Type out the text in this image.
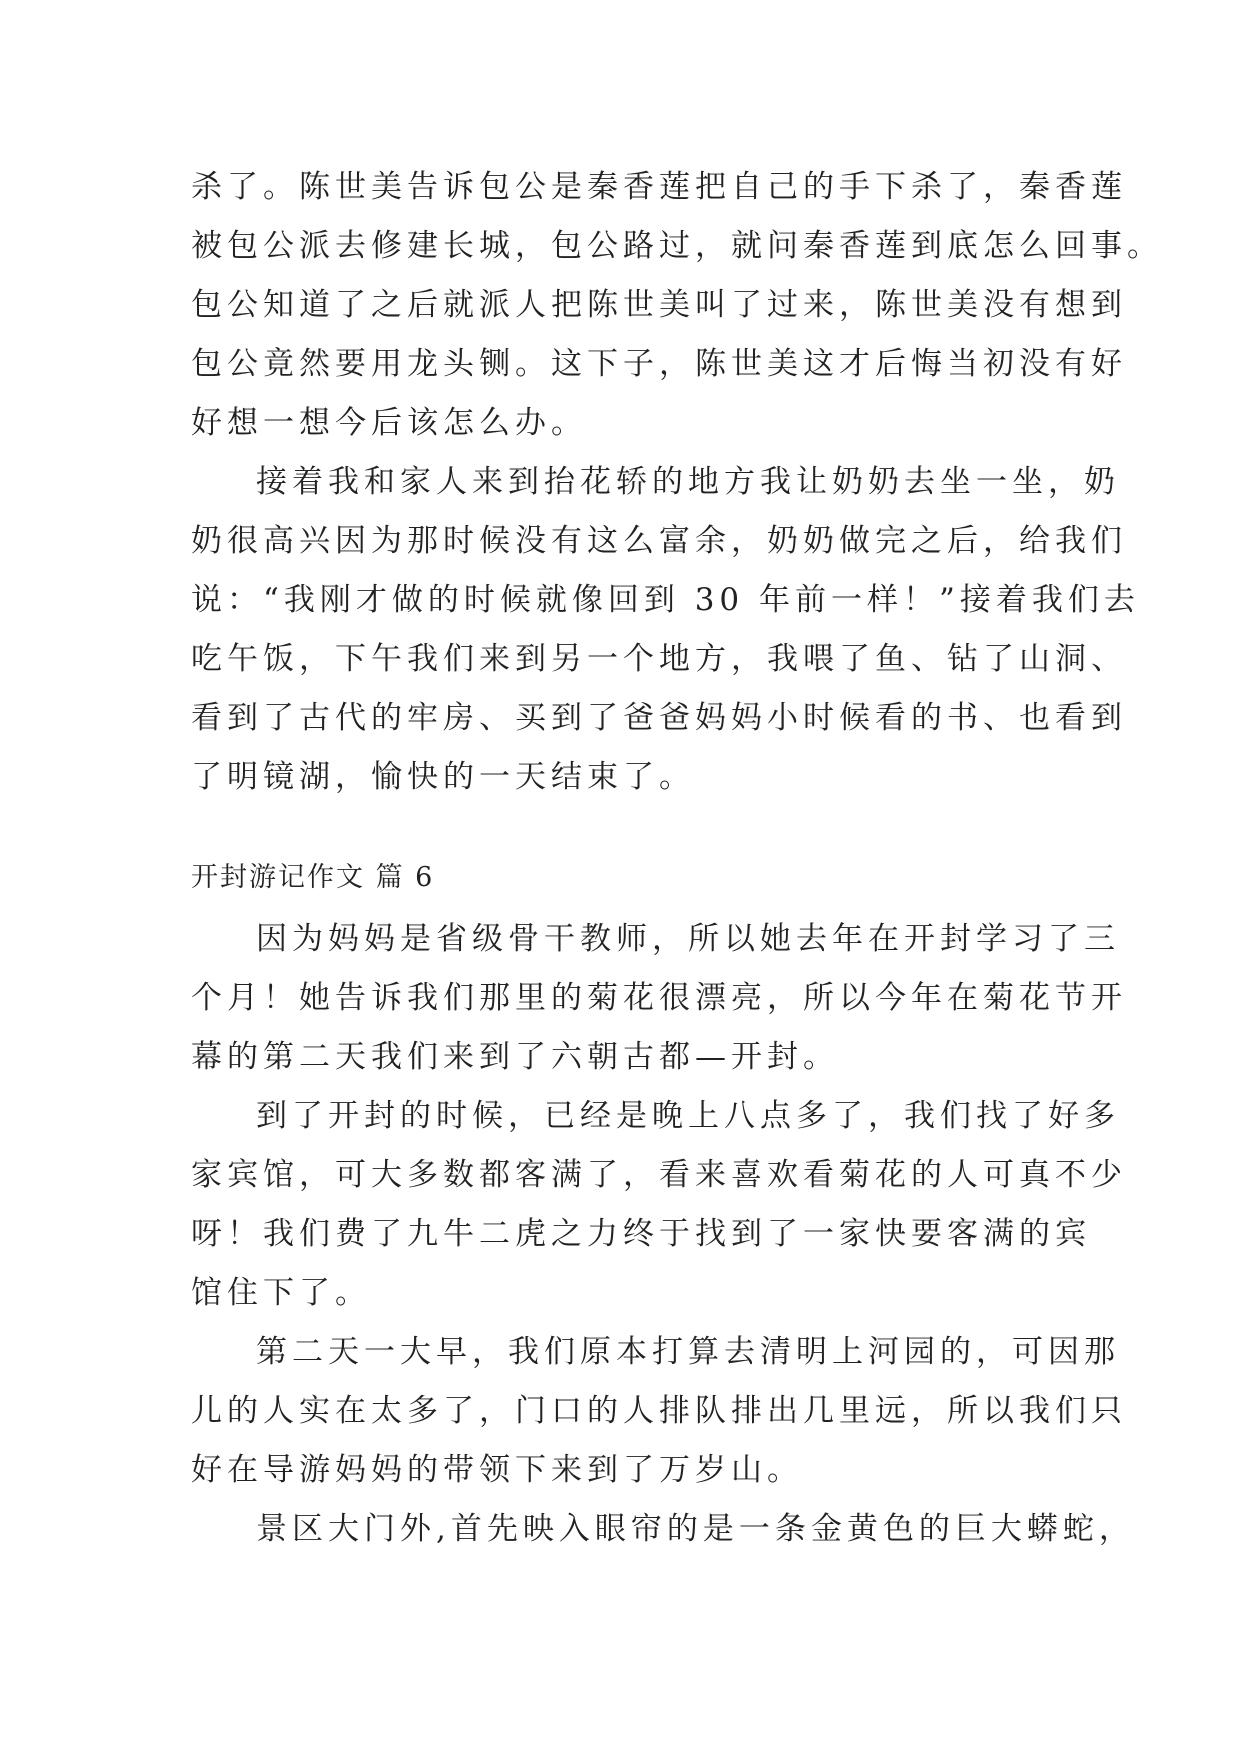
杀了。陈世美告诉包公是秦香莲把自己的手下杀了，秦香莲
被包公派去修建长城，包公路过，就问秦香莲到底怎么回事。
包公知道了之后就派人把陈世美叫了过来，陈世美没有想到
包公竟然要用龙头铡。这下子，陈世美这才后悔当初没有好
好想一想今后该怎么办。
接着我和家人来到抬花轿的地方我让奶奶去坐一坐，奶
奶很高兴因为那时候没有这么富余，奶奶做完之后，给我们
说：“我刚才做的时候就像回到 30 年前一样！”接着我们去
吃午饭，下午我们来到另一个地方，我喂了鱼、钻了山洞、
看到了古代的牢房、买到了爸爸妈妈小时候看的书、也看到
了明镜湖，愉快的一天结束了。
开封游记作文 篇 6
因为妈妈是省级骨干教师，所以她去年在开封学习了三
个月！她告诉我们那里的菊花很漂亮，所以今年在菊花节开
幕的第二天我们来到了六朝古都—开封。
到了开封的时候，已经是晚上八点多了，我们找了好多
家宾馆，可大多数都客满了，看来喜欢看菊花的人可真不少
呀！我们费了九牛二虎之力终于找到了一家快要客满的宾
馆住下了。
第二天一大早，我们原本打算去清明上河园的，可因那
儿的人实在太多了，门口的人排队排出几里远，所以我们只
好在导游妈妈的带领下来到了万岁山。
景区大门外,首先映入眼帘的是一条金黄色的巨大蟒蛇，
